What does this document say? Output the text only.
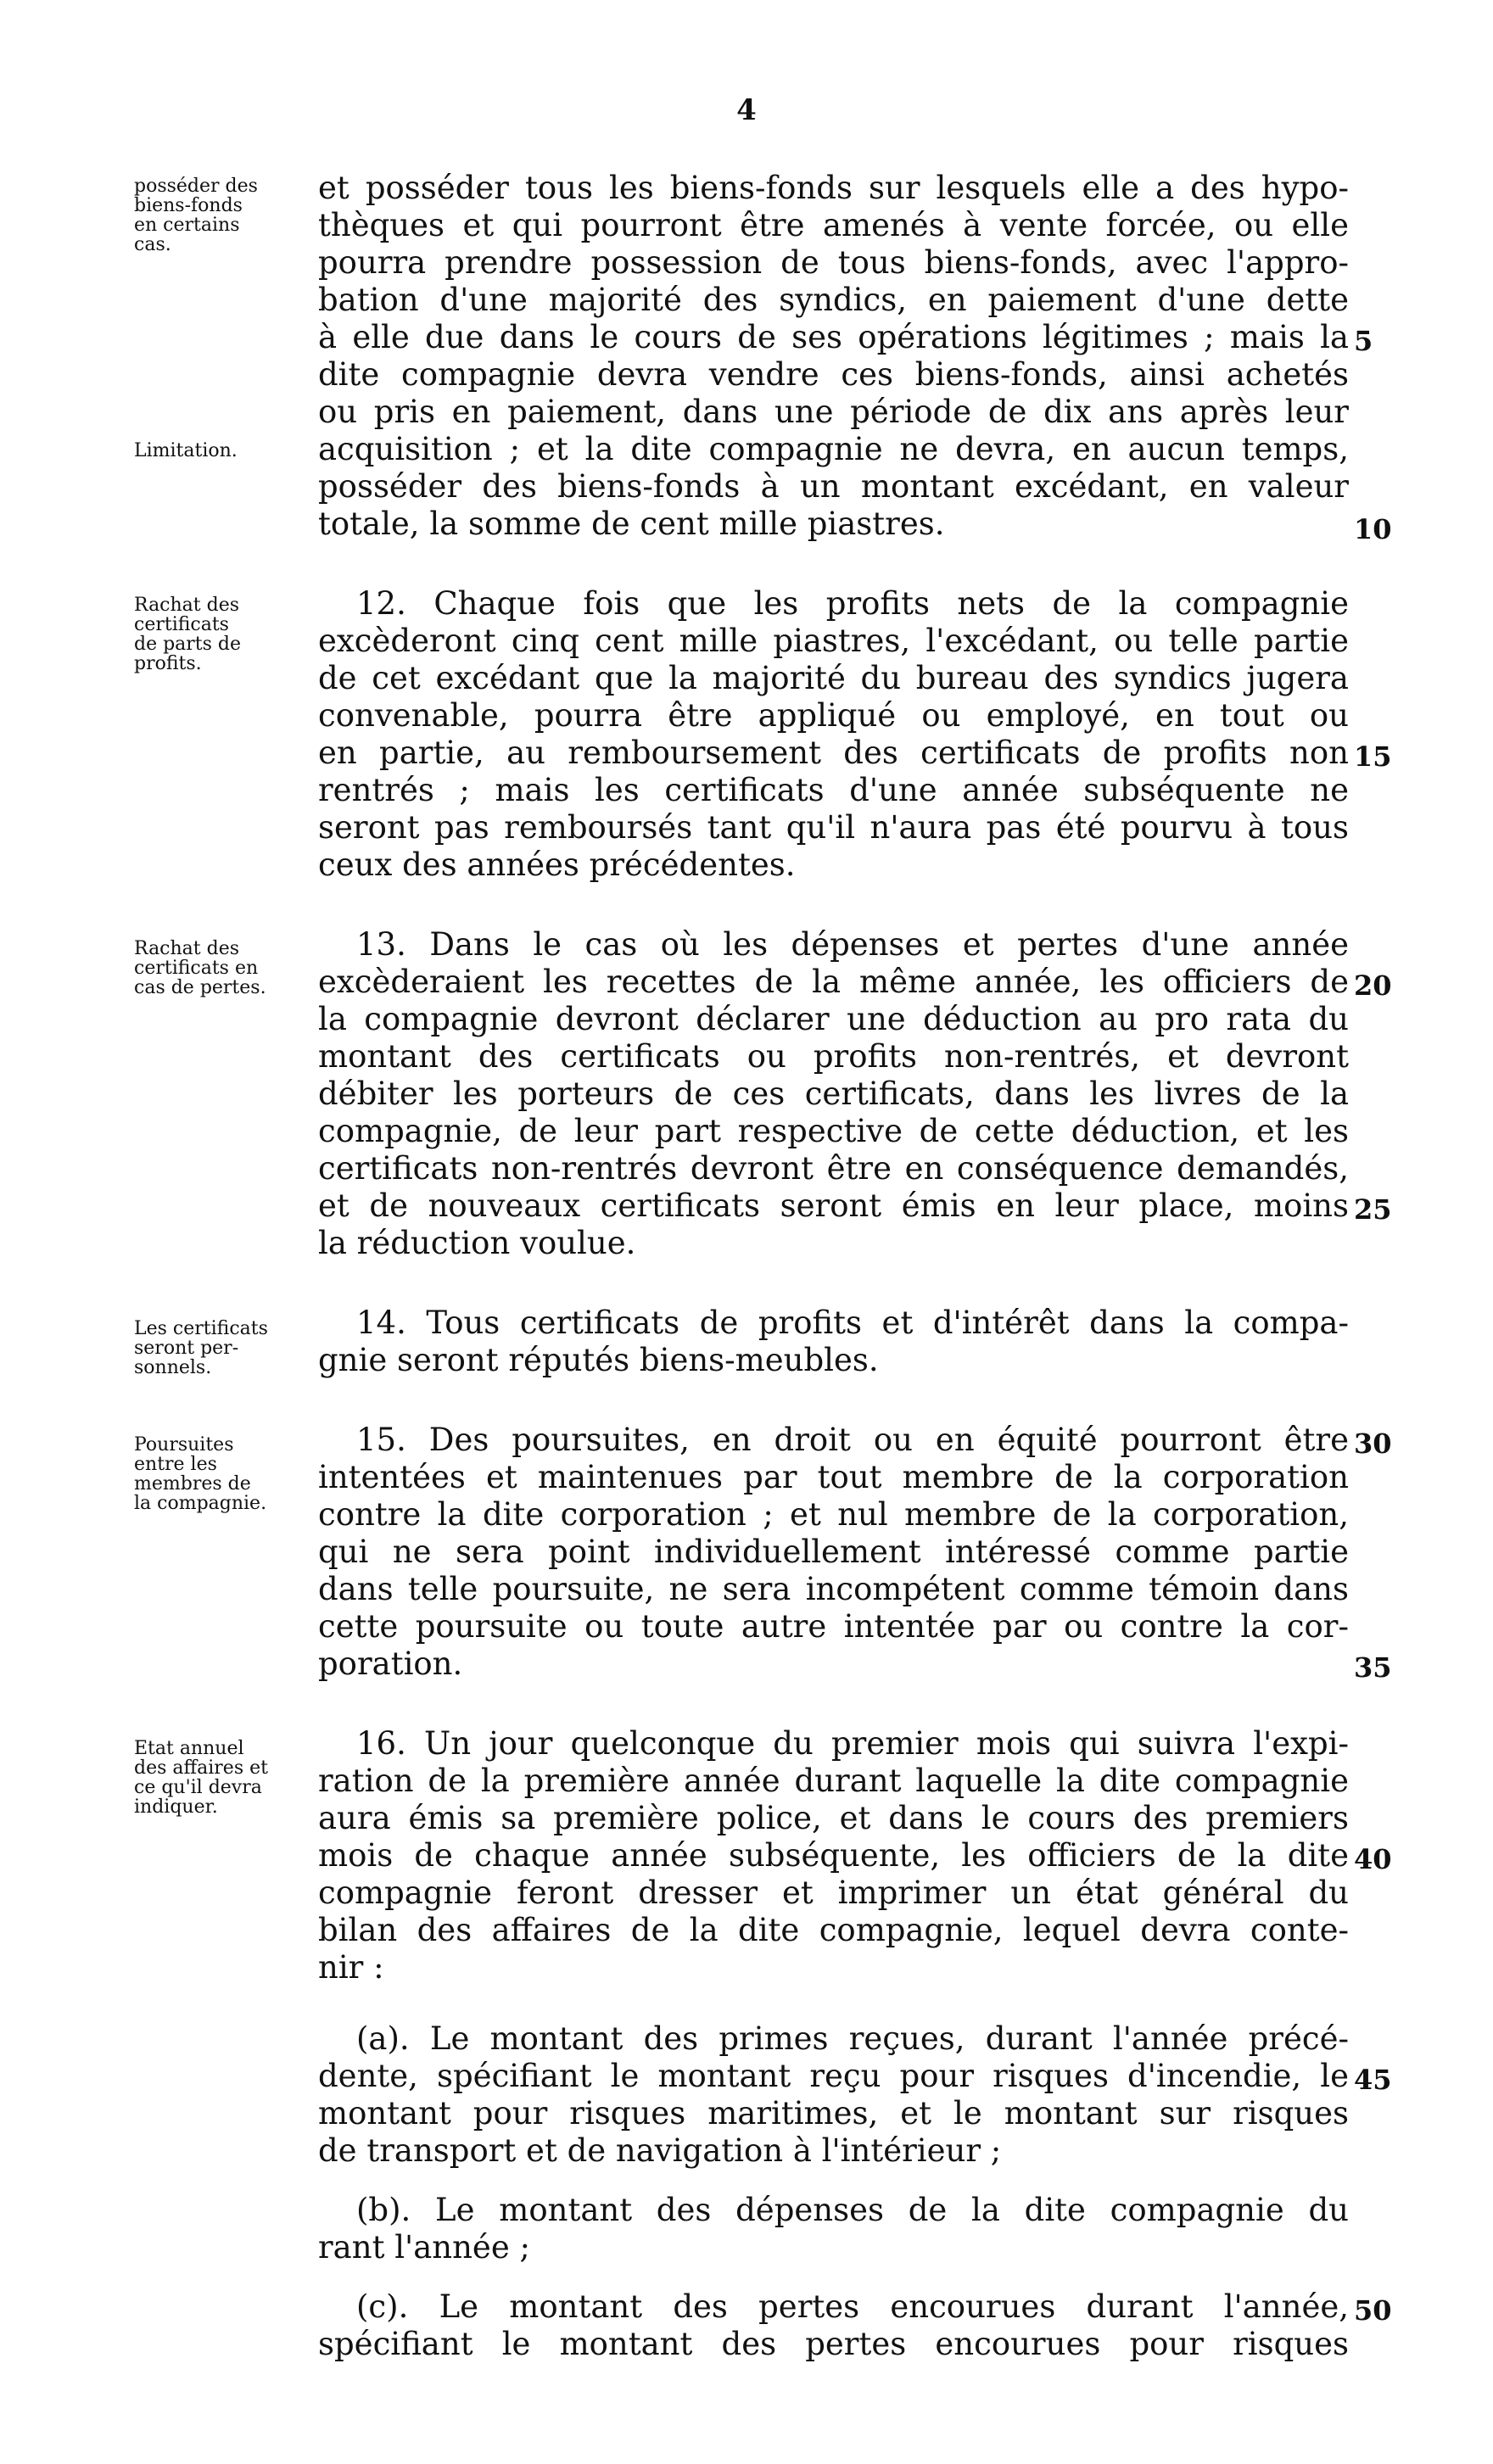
4
posséder des
biens-fonds
en certains
cas.
Limitation.
Rachat des
certificats
de parts de
profits.
Rachat des
certificats en
cas de pertes.
Les certificats
seront per-
sonnels.
Poursuites
entre les
membres de
la compagnie.
Etat annuel
des affaires et
ce qu'il devra
indiquer.
et posséder tous les biens-fonds sur lesquels elle a des hypo-
thèques et qui pourront être amenés à vente forcée, ou elle
pourra prendre possession de tous biens-fonds, avec l'appro-
bation d'une majorité des syndics, en paiement d'une dette
à elle due dans le cours de ses opérations légitimes ; mais la
dite compagnie devra vendre ces biens-fonds, ainsi achetés
ou pris en paiement, dans une période de dix ans après leur
acquisition ; et la dite compagnie ne devra, en aucun temps,
posséder des biens-fonds à un montant excédant, en valeur
totale, la somme de cent mille piastres.
12. Chaque fois que les profits nets de la compagnie
excèderont cinq cent mille piastres, l'excédant, ou telle partie
de cet excédant que la majorité du bureau des syndics jugera
convenable, pourra être appliqué ou employé, en tout ou
en partie, au remboursement des certificats de profits non
rentrés ; mais les certificats d'une année subséquente ne
seront pas remboursés tant qu'il n'aura pas été pourvu à tous
ceux des années précédentes.
13. Dans le cas où les dépenses et pertes d'une année
excèderaient les recettes de la même année, les officiers de
la compagnie devront déclarer une déduction au pro rata du
montant des certificats ou profits non-rentrés, et devront
débiter les porteurs de ces certificats, dans les livres de la
compagnie, de leur part respective de cette déduction, et les
certificats non-rentrés devront être en conséquence demandés,
et de nouveaux certificats seront émis en leur place, moins
la réduction voulue.
14. Tous certificats de profits et d'intérêt dans la compa-
gnie seront réputés biens-meubles.
15. Des poursuites, en droit ou en équité pourront être
intentées et maintenues par tout membre de la corporation
contre la dite corporation ; et nul membre de la corporation,
qui ne sera point individuellement intéressé comme partie
dans telle poursuite, ne sera incompétent comme témoin dans
cette poursuite ou toute autre intentée par ou contre la cor-
poration.
16. Un jour quelconque du premier mois qui suivra l'expi-
ration de la première année durant laquelle la dite compagnie
aura émis sa première police, et dans le cours des premiers
mois de chaque année subséquente, les officiers de la dite
compagnie feront dresser et imprimer un état général du
bilan des affaires de la dite compagnie, lequel devra conte-
nir :
(a). Le montant des primes reçues, durant l'année précé-
dente, spécifiant le montant reçu pour risques d'incendie, le
montant pour risques maritimes, et le montant sur risques
de transport et de navigation à l'intérieur ;
(b). Le montant des dépenses de la dite compagnie du
rant l'année ;
(c). Le montant des pertes encourues durant l'année,
spécifiant le montant des pertes encourues pour risques
5
10
15
20
25
30
35
40
45
50
